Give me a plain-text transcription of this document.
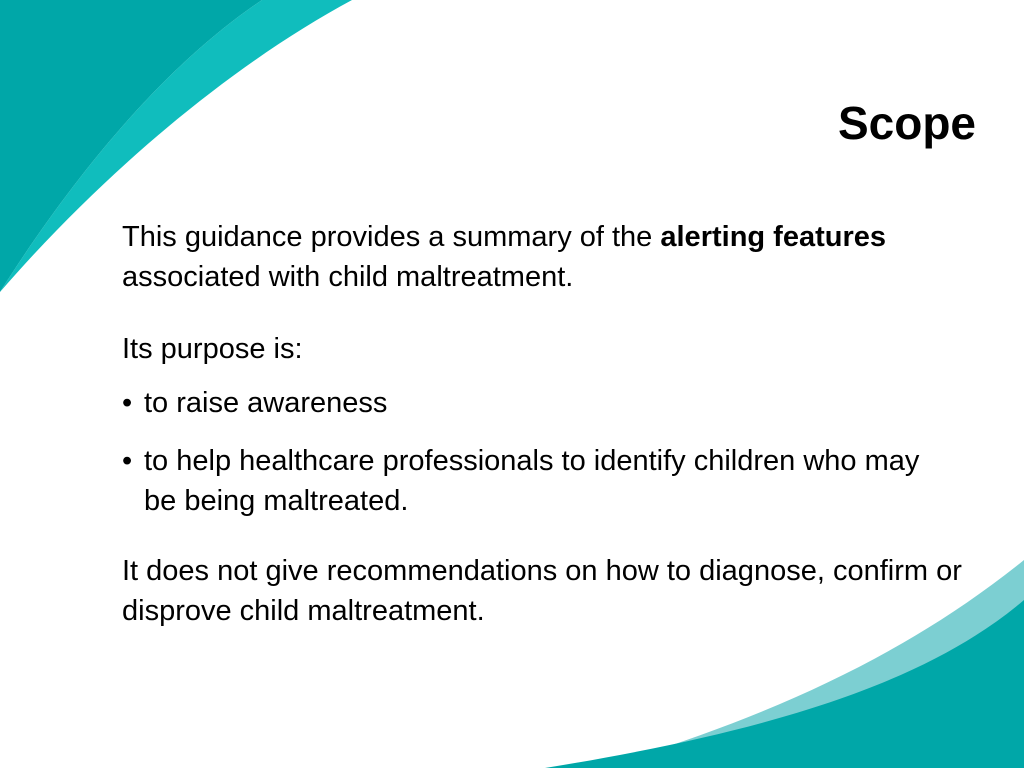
Scope

This guidance provides a summary of the alerting features associated with child maltreatment.

Its purpose is:

• to raise awareness
• to help healthcare professionals to identify children who may be being maltreated.

It does not give recommendations on how to diagnose, confirm or disprove child maltreatment.
